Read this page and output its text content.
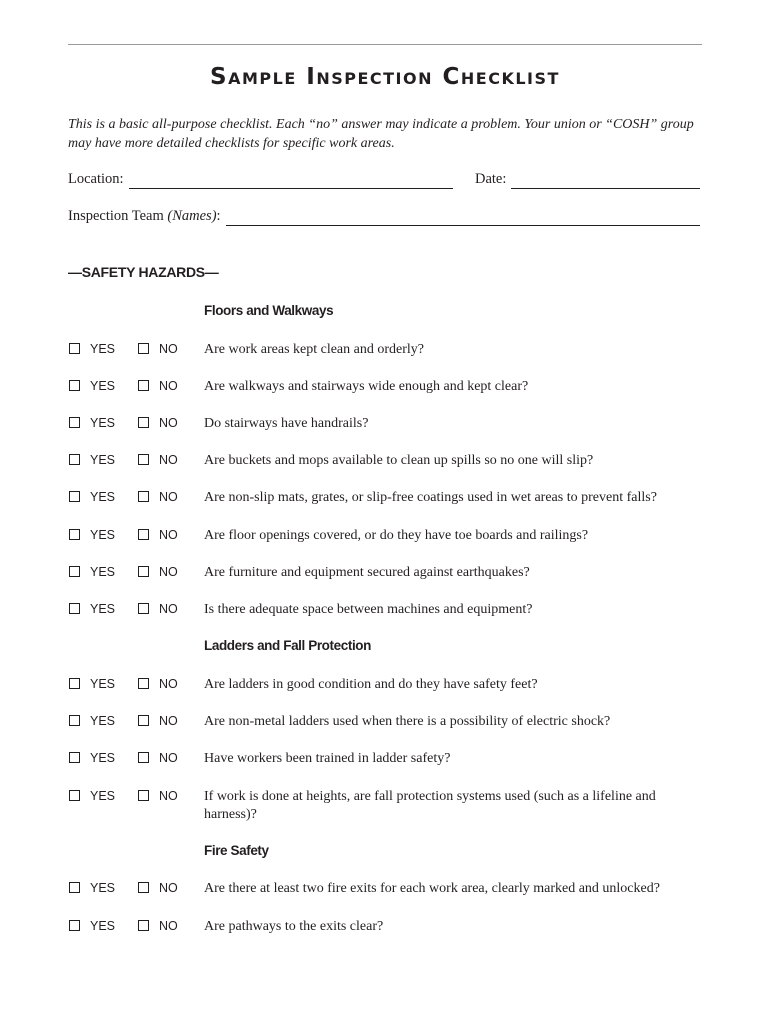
Sample Inspection Checklist
This is a basic all-purpose checklist. Each “no” answer may indicate a problem. Your union or “COSH” group may have more detailed checklists for specific work areas.
Location:	Date:
Inspection Team (Names):
—SAFETY HAZARDS—
Floors and Walkways
YES	NO Are work areas kept clean and orderly?
YES	NO Are walkways and stairways wide enough and kept clear?
YES	NO Do stairways have handrails?
YES	NO Are buckets and mops available to clean up spills so no one will slip?
YES	NO Are non-slip mats, grates, or slip-free coatings used in wet areas to prevent falls?
YES	NO Are floor openings covered, or do they have toe boards and railings?
YES	NO Are furniture and equipment secured against earthquakes?
YES	NO Is there adequate space between machines and equipment?
Ladders and Fall Protection
YES	NO Are ladders in good condition and do they have safety feet?
YES	NO Are non-metal ladders used when there is a possibility of electric shock?
YES	NO Have workers been trained in ladder safety?
YES	NO If work is done at heights, are fall protection systems used (such as a lifeline and harness)?
Fire Safety
YES	NO Are there at least two fire exits for each work area, clearly marked and unlocked?
YES	NO Are pathways to the exits clear?
